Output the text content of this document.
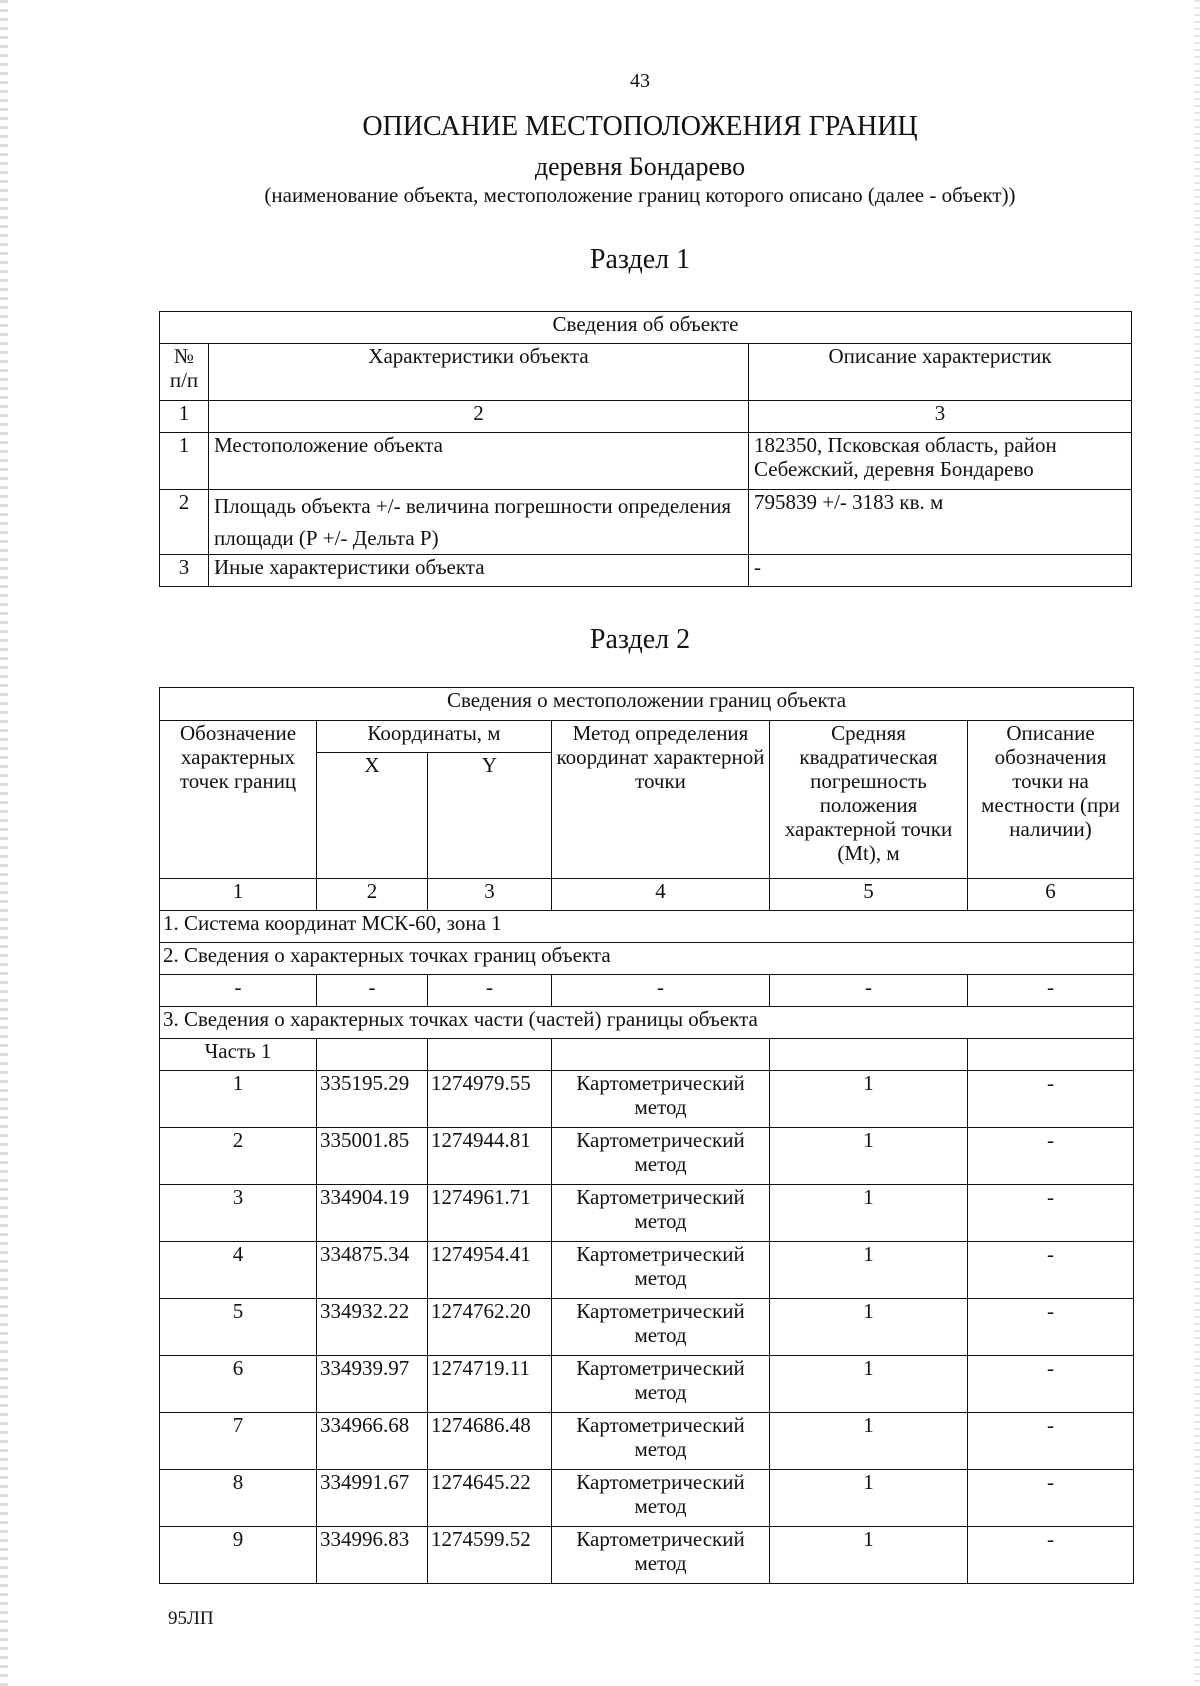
43
ОПИСАНИЕ МЕСТОПОЛОЖЕНИЯ ГРАНИЦ
деревня Бондарево
(наименование объекта, местоположение границ которого описано (далее - объект))
Раздел 1
Сведения об объекте		
№ п/п	Характеристики объекта	Описание характеристик
1	2	3
1	Местоположение объекта	182350, Псковская область, район Себежский, деревня Бондарево
2	Площадь объекта +/- величина погрешности определения площади (Р +/- Дельта Р)	795839 +/- 3183 кв. м
3	Иные характеристики объекта	-
Раздел 2
Сведения о местоположении границ объекта					
Обозначение характерных точек границ	Координаты, м		Метод определения координат характерной точки	Средняя квадратическая погрешность положения характерной точки (Mt), м	Описание обозначения точки на местности (при наличии)
	X	Y			
1	2	3	4	5	6
1. Система координат МСК-60, зона 1					
2. Сведения о характерных точках границ объекта					
-	-	-	-	-	-
3. Сведения о характерных точках части (частей) границы объекта					
Часть 1					
1	335195.29	1274979.55	Картометрический метод	1	-
2	335001.85	1274944.81	Картометрический метод	1	-
3	334904.19	1274961.71	Картометрический метод	1	-
4	334875.34	1274954.41	Картометрический метод	1	-
5	334932.22	1274762.20	Картометрический метод	1	-
6	334939.97	1274719.11	Картометрический метод	1	-
7	334966.68	1274686.48	Картометрический метод	1	-
8	334991.67	1274645.22	Картометрический метод	1	-
9	334996.83	1274599.52	Картометрический метод	1	-
95ЛП
